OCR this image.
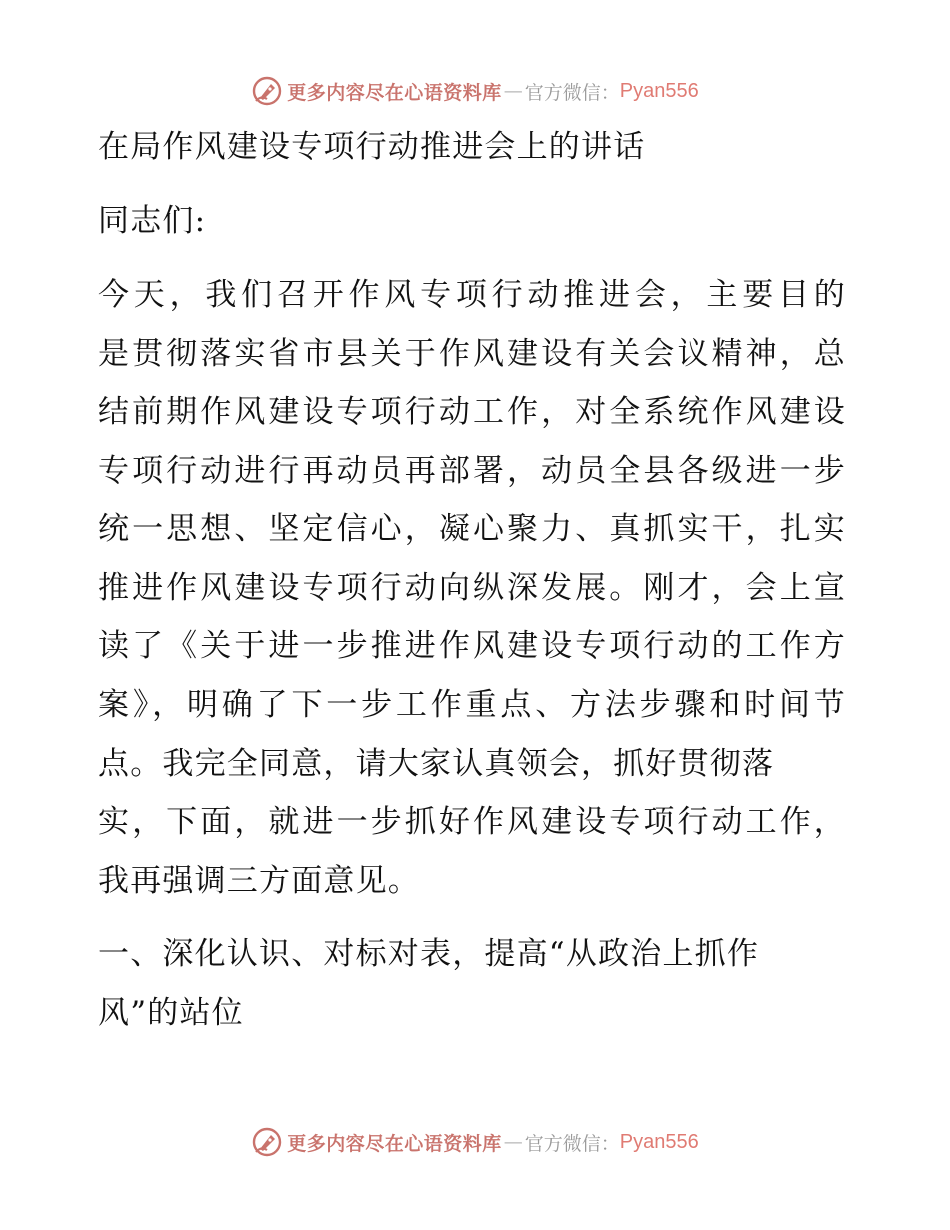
更多内容尽在心语资料库 — 官方微信： Pyan556
在局作风建设专项行动推进会上的讲话
同志们:
今天，我们召开作风专项行动推进会，主要目的
是贯彻落实省市县关于作风建设有关会议精神，总
结前期作风建设专项行动工作，对全系统作风建设
专项行动进行再动员再部署，动员全县各级进一步
统一思想、坚定信心，凝心聚力、真抓实干，扎实
推进作风建设专项行动向纵深发展。刚才，会上宣
读了《关于进一步推进作风建设专项行动的工作方
案》，明确了下一步工作重点、方法步骤和时间节
点。我完全同意，请大家认真领会，抓好贯彻落
实，下面，就进一步抓好作风建设专项行动工作，
我再强调三方面意见。
一、深化认识、对标对表，提高“从政治上抓作
风”的站位
更多内容尽在心语资料库 — 官方微信： Pyan556
